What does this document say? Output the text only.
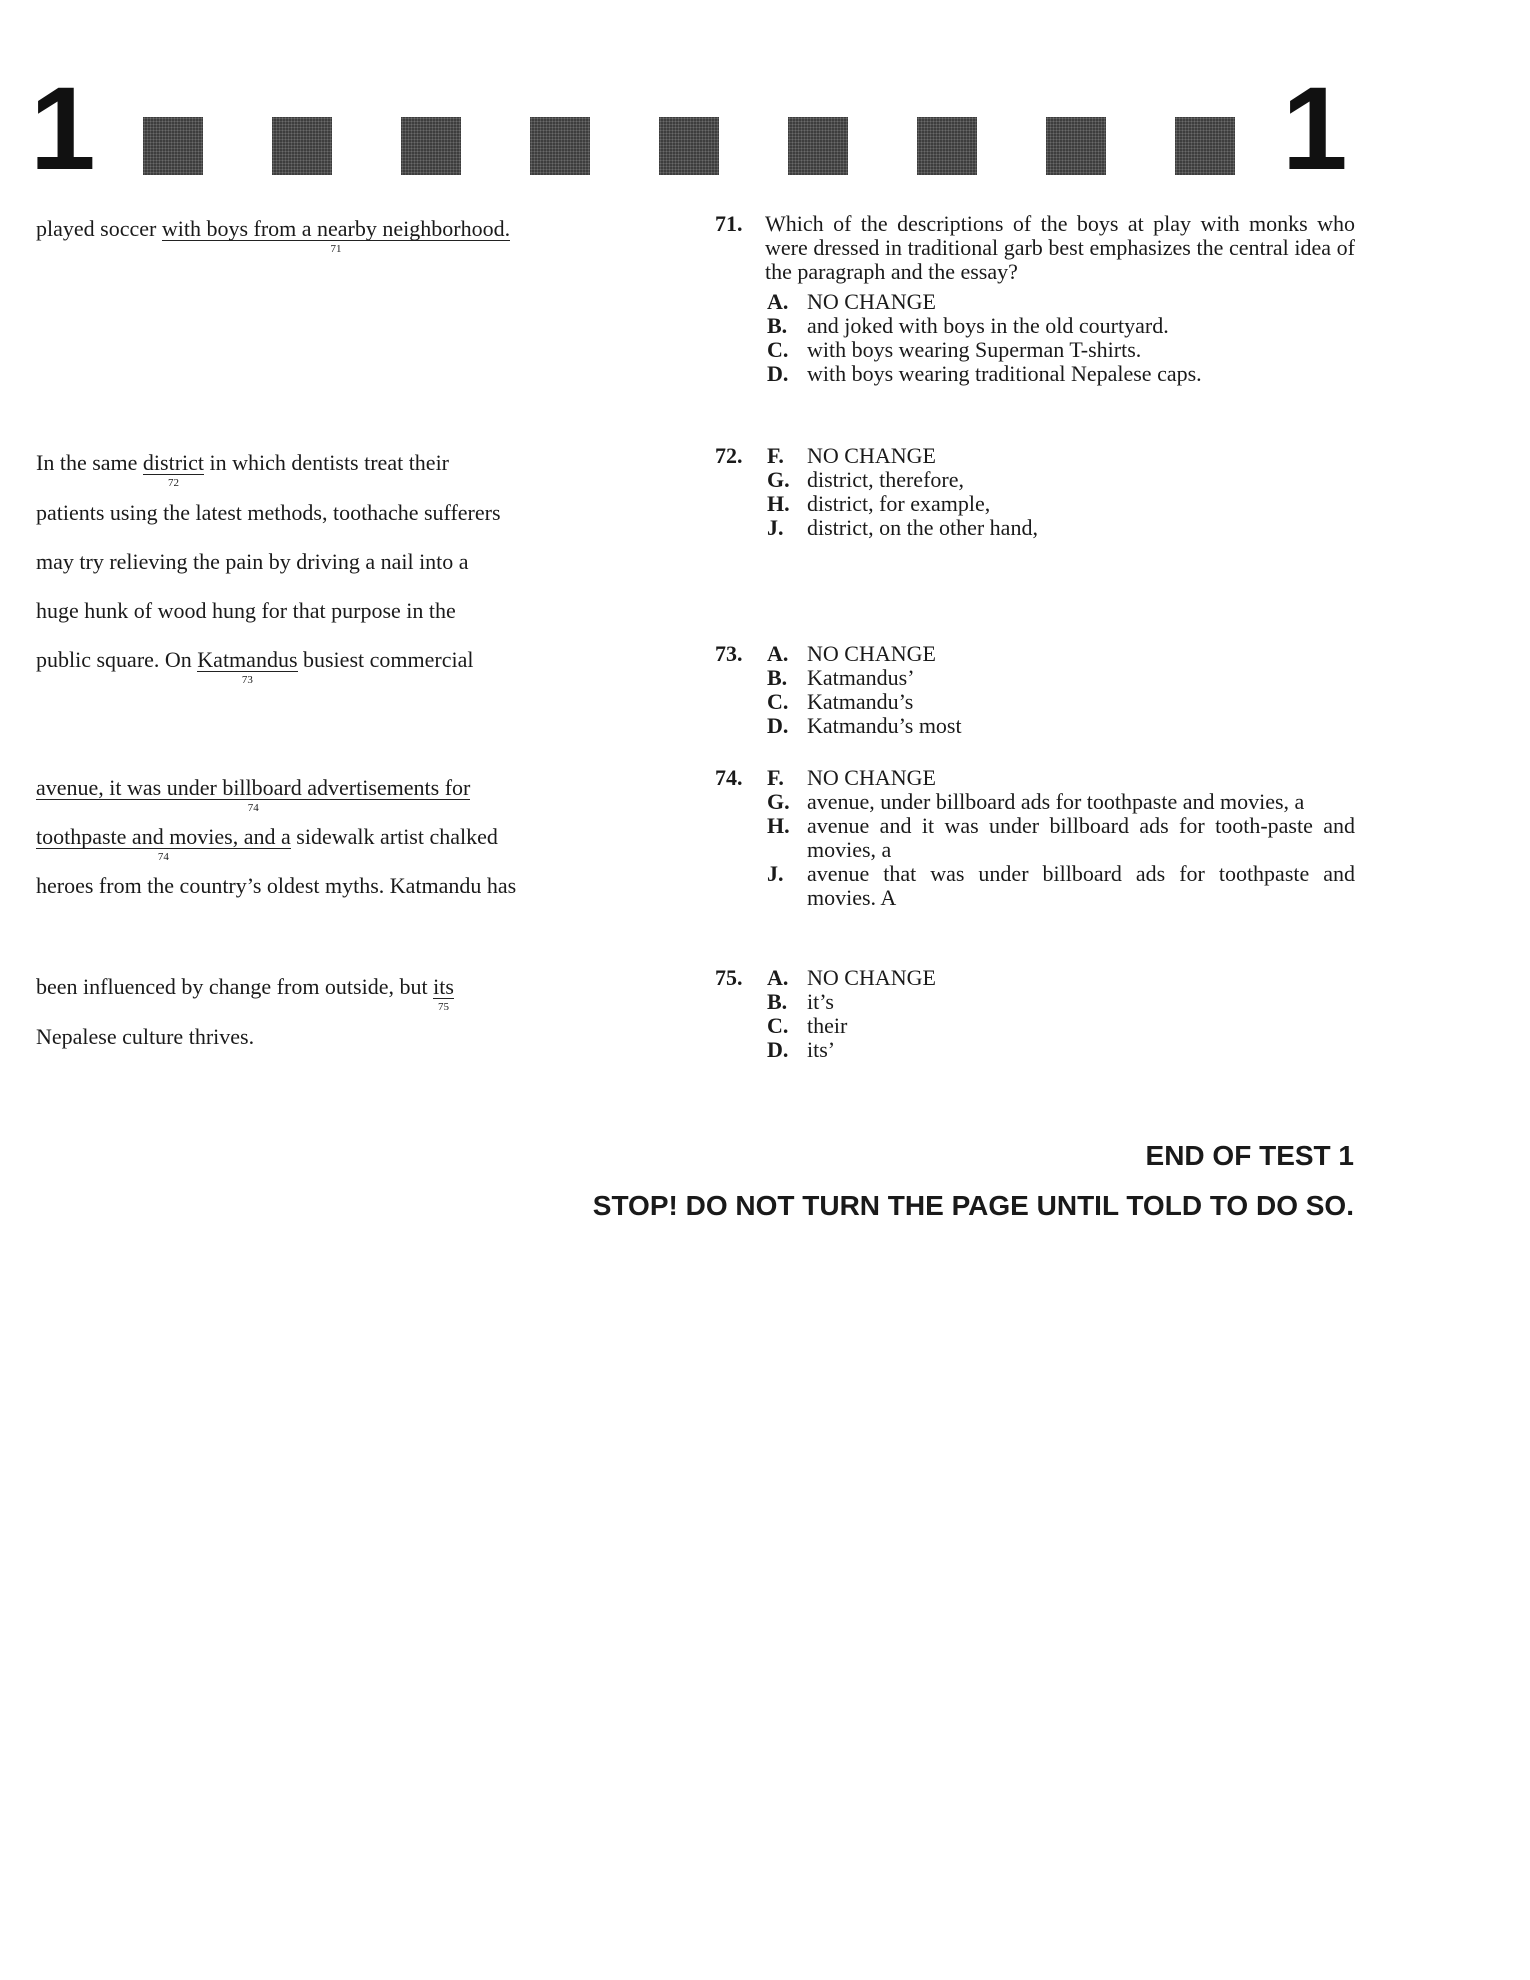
1	1
played soccer with boys from a nearby neighborhood.
71
In the same district
72
in which dentists treat their
patients using the latest methods, toothache sufferers
may try relieving the pain by driving a nail into a
huge hunk of wood hung for that purpose in the
public square. On Katmandus
73
busiest commercial
avenue, it was under billboard advertisements for
74
toothpaste and movies, and a
74
sidewalk artist chalked
heroes from the country’s oldest myths. Katmandu has
been influenced by change from outside, but its
75
Nepalese culture thrives.
71. Which of the descriptions of the boys at play with monks who were dressed in traditional garb best emphasizes the central idea of the paragraph and the essay?
A. NO CHANGE
B. and joked with boys in the old courtyard.
C. with boys wearing Superman T-shirts.
D. with boys wearing traditional Nepalese caps.
72. F. NO CHANGE
G. district, therefore,
H. district, for example,
J. district, on the other hand,
73. A. NO CHANGE
B. Katmandus’
C. Katmandu’s
D. Katmandu’s most
74. F. NO CHANGE
G. avenue, under billboard ads for toothpaste and movies, a
H. avenue and it was under billboard ads for tooth-paste and movies, a
J. avenue that was under billboard ads for toothpaste and movies. A
75. A. NO CHANGE
B. it’s
C. their
D. its’
END OF TEST 1
STOP! DO NOT TURN THE PAGE UNTIL TOLD TO DO SO.
